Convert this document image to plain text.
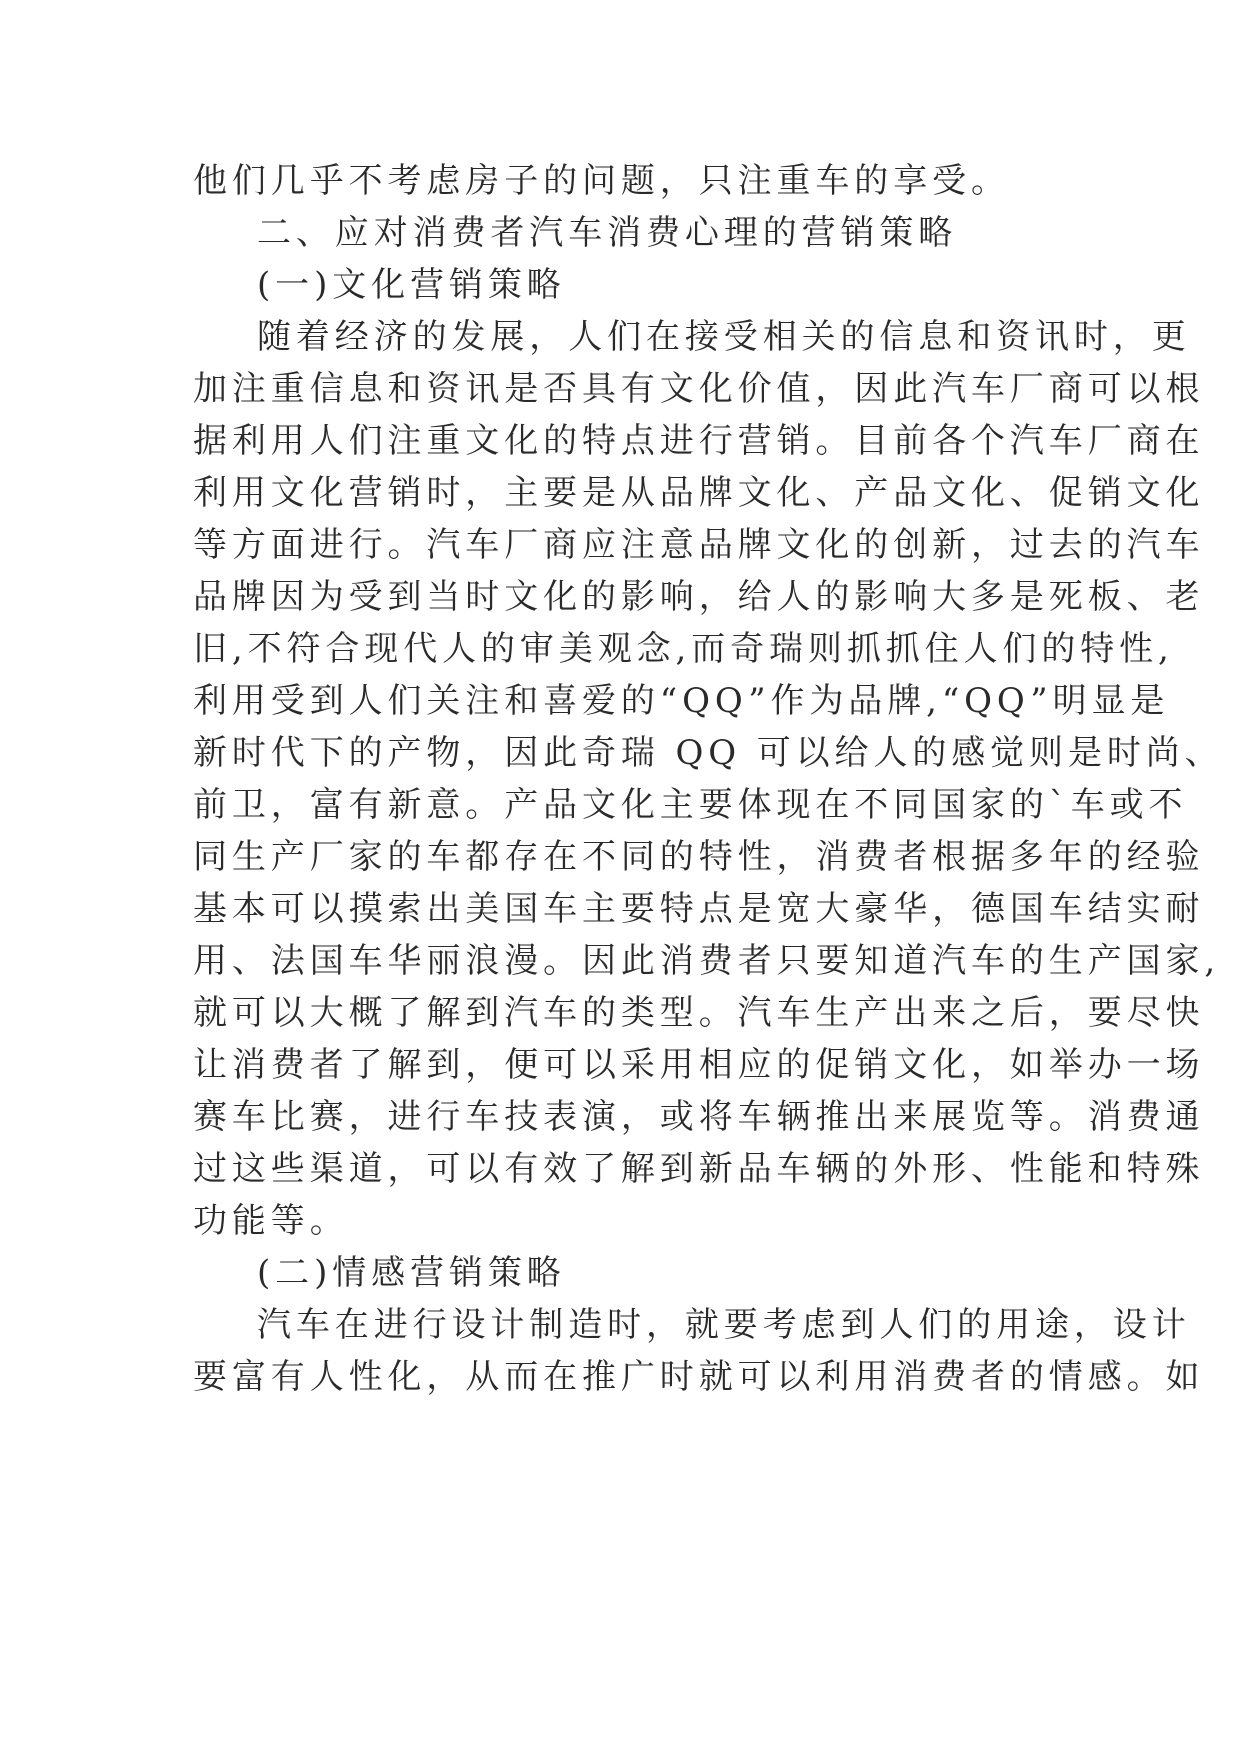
他们几乎不考虑房子的问题，只注重车的享受。
二、应对消费者汽车消费心理的营销策略
(一)文化营销策略
随着经济的发展，人们在接受相关的信息和资讯时，更
加注重信息和资讯是否具有文化价值，因此汽车厂商可以根
据利用人们注重文化的特点进行营销。目前各个汽车厂商在
利用文化营销时，主要是从品牌文化、产品文化、促销文化
等方面进行。汽车厂商应注意品牌文化的创新，过去的汽车
品牌因为受到当时文化的影响，给人的影响大多是死板、老
旧,不符合现代人的审美观念,而奇瑞则抓抓住人们的特性,
利用受到人们关注和喜爱的“QQ”作为品牌,“QQ”明显是
新时代下的产物，因此奇瑞 QQ 可以给人的感觉则是时尚、
前卫，富有新意。产品文化主要体现在不同国家的`车或不
同生产厂家的车都存在不同的特性，消费者根据多年的经验
基本可以摸索出美国车主要特点是宽大豪华，德国车结实耐
用、法国车华丽浪漫。因此消费者只要知道汽车的生产国家,
就可以大概了解到汽车的类型。汽车生产出来之后，要尽快
让消费者了解到，便可以采用相应的促销文化，如举办一场
赛车比赛，进行车技表演，或将车辆推出来展览等。消费通
过这些渠道，可以有效了解到新品车辆的外形、性能和特殊
功能等。
(二)情感营销策略
汽车在进行设计制造时，就要考虑到人们的用途，设计
要富有人性化，从而在推广时就可以利用消费者的情感。如
